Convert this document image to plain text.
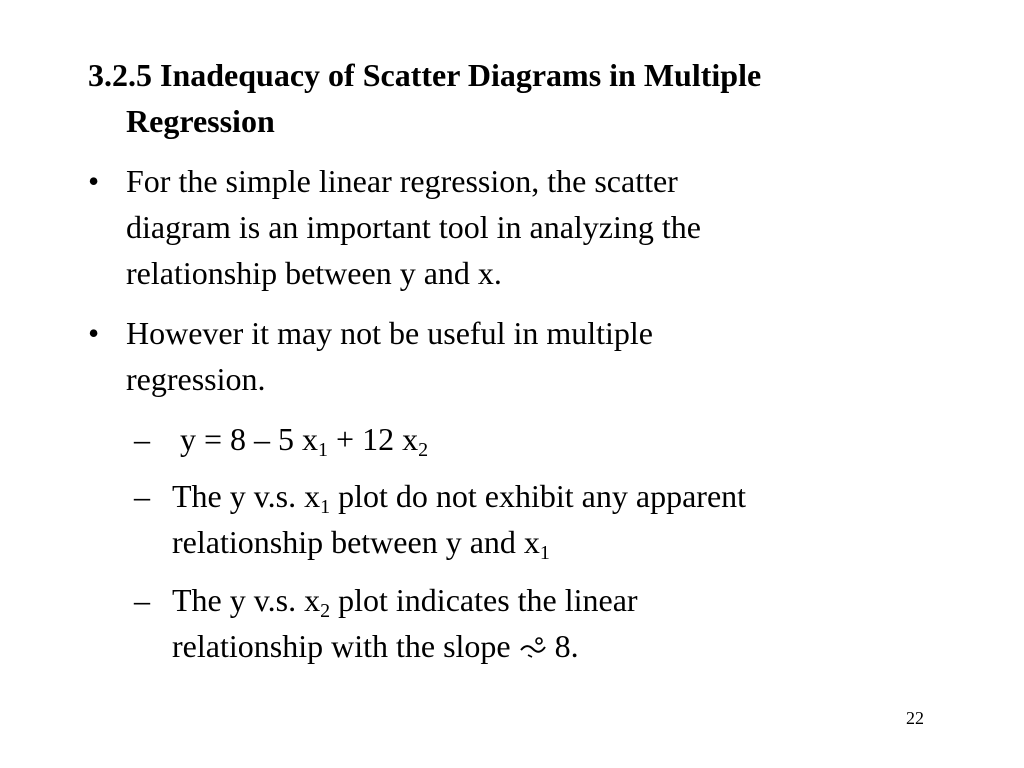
3.2.5 Inadequacy of Scatter Diagrams in Multiple
Regression
• For the simple linear regression, the scatter
diagram is an important tool in analyzing the
relationship between y and x.
• However it may not be useful in multiple
regression.
– y = 8 – 5 $x_1 + 12$ $x_2$
– The y v.s. $x_1$ plot do not exhibit any apparent
relationship between y and $x_1$
– The y v.s. $x_2$ plot indicates the linear
relationship with the slope  8.
22
